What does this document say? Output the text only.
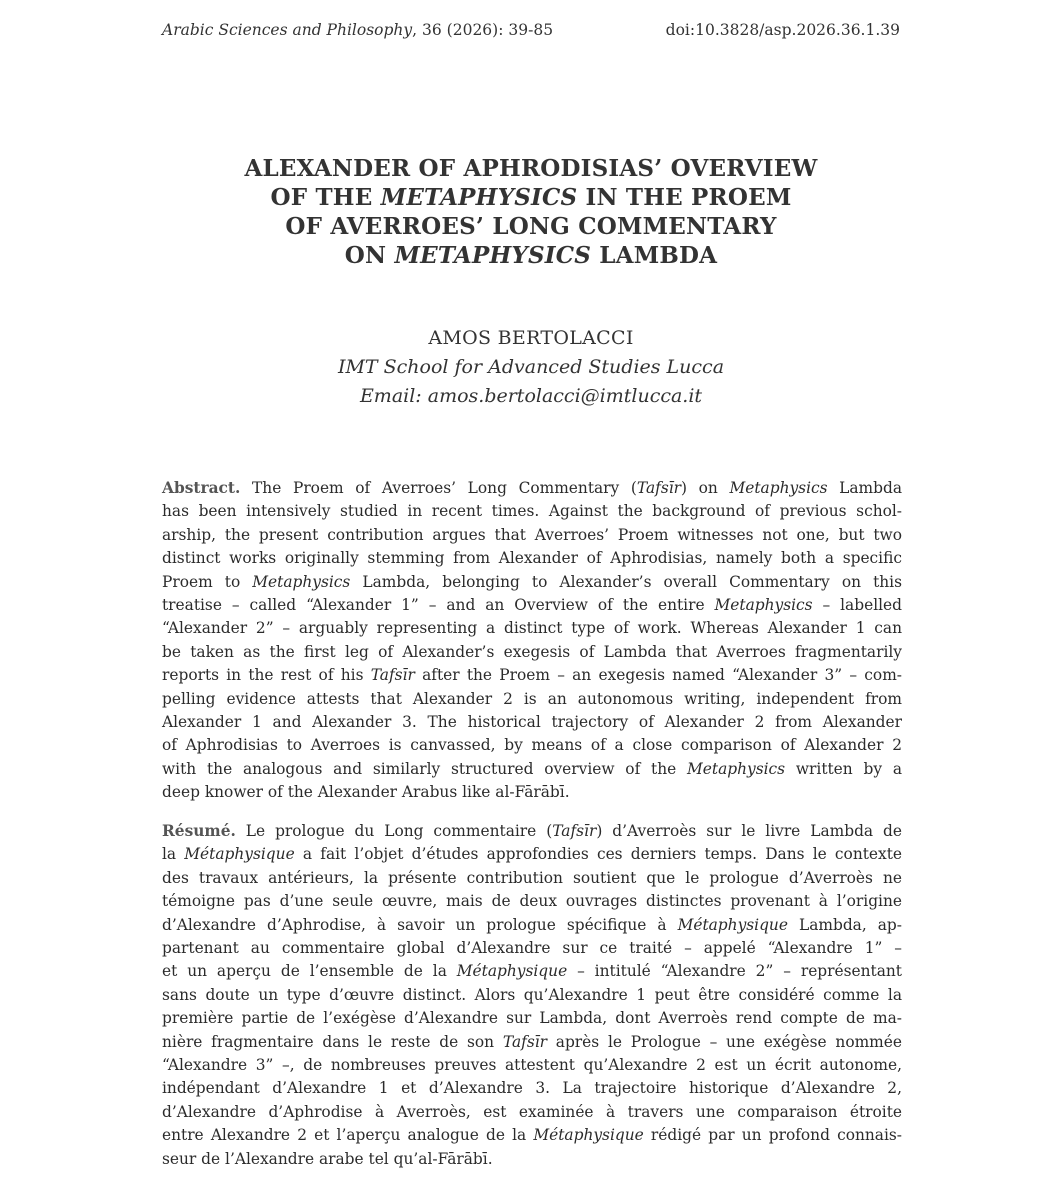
Arabic Sciences and Philosophy, 36 (2026): 39-85	doi:10.3828/asp.2026.36.1.39
ALEXANDER OF APHRODISIAS’ OVERVIEW
OF THE METAPHYSICS IN THE PROEM
OF AVERROES’ LONG COMMENTARY
ON METAPHYSICS LAMBDA
AMOS BERTOLACCI
IMT School for Advanced Studies Lucca
Email: amos.bertolacci@imtlucca.it
Abstract. The Proem of Averroes’ Long Commentary (Tafsīr) on Metaphysics Lambda
has been intensively studied in recent times. Against the background of previous schol-
arship, the present contribution argues that Averroes’ Proem witnesses not one, but two
distinct works originally stemming from Alexander of Aphrodisias, namely both a specific
Proem to Metaphysics Lambda, belonging to Alexander’s overall Commentary on this
treatise – called “Alexander 1” – and an Overview of the entire Metaphysics – labelled
“Alexander 2” – arguably representing a distinct type of work. Whereas Alexander 1 can
be taken as the first leg of Alexander’s exegesis of Lambda that Averroes fragmentarily
reports in the rest of his Tafsīr after the Proem – an exegesis named “Alexander 3” – com-
pelling evidence attests that Alexander 2 is an autonomous writing, independent from
Alexander 1 and Alexander 3. The historical trajectory of Alexander 2 from Alexander
of Aphrodisias to Averroes is canvassed, by means of a close comparison of Alexander 2
with the analogous and similarly structured overview of the Metaphysics written by a
deep knower of the Alexander Arabus like al-Fārābī.
Résumé. Le prologue du Long commentaire (Tafsīr) d’Averroès sur le livre Lambda de
la Métaphysique a fait l’objet d’études approfondies ces derniers temps. Dans le contexte
des travaux antérieurs, la présente contribution soutient que le prologue d’Averroès ne
témoigne pas d’une seule œuvre, mais de deux ouvrages distinctes provenant à l’origine
d’Alexandre d’Aphrodise, à savoir un prologue spécifique à Métaphysique Lambda, ap-
partenant au commentaire global d’Alexandre sur ce traité – appelé “Alexandre 1” –
et un aperçu de l’ensemble de la Métaphysique – intitulé “Alexandre 2” – représentant
sans doute un type d’œuvre distinct. Alors qu’Alexandre 1 peut être considéré comme la
première partie de l’exégèse d’Alexandre sur Lambda, dont Averroès rend compte de ma-
nière fragmentaire dans le reste de son Tafsīr après le Prologue – une exégèse nommée
“Alexandre 3” –, de nombreuses preuves attestent qu’Alexandre 2 est un écrit autonome,
indépendant d’Alexandre 1 et d’Alexandre 3. La trajectoire historique d’Alexandre 2,
d’Alexandre d’Aphrodise à Averroès, est examinée à travers une comparaison étroite
entre Alexandre 2 et l’aperçu analogue de la Métaphysique rédigé par un profond connais-
seur de l’Alexandre arabe tel qu’al-Fārābī.
